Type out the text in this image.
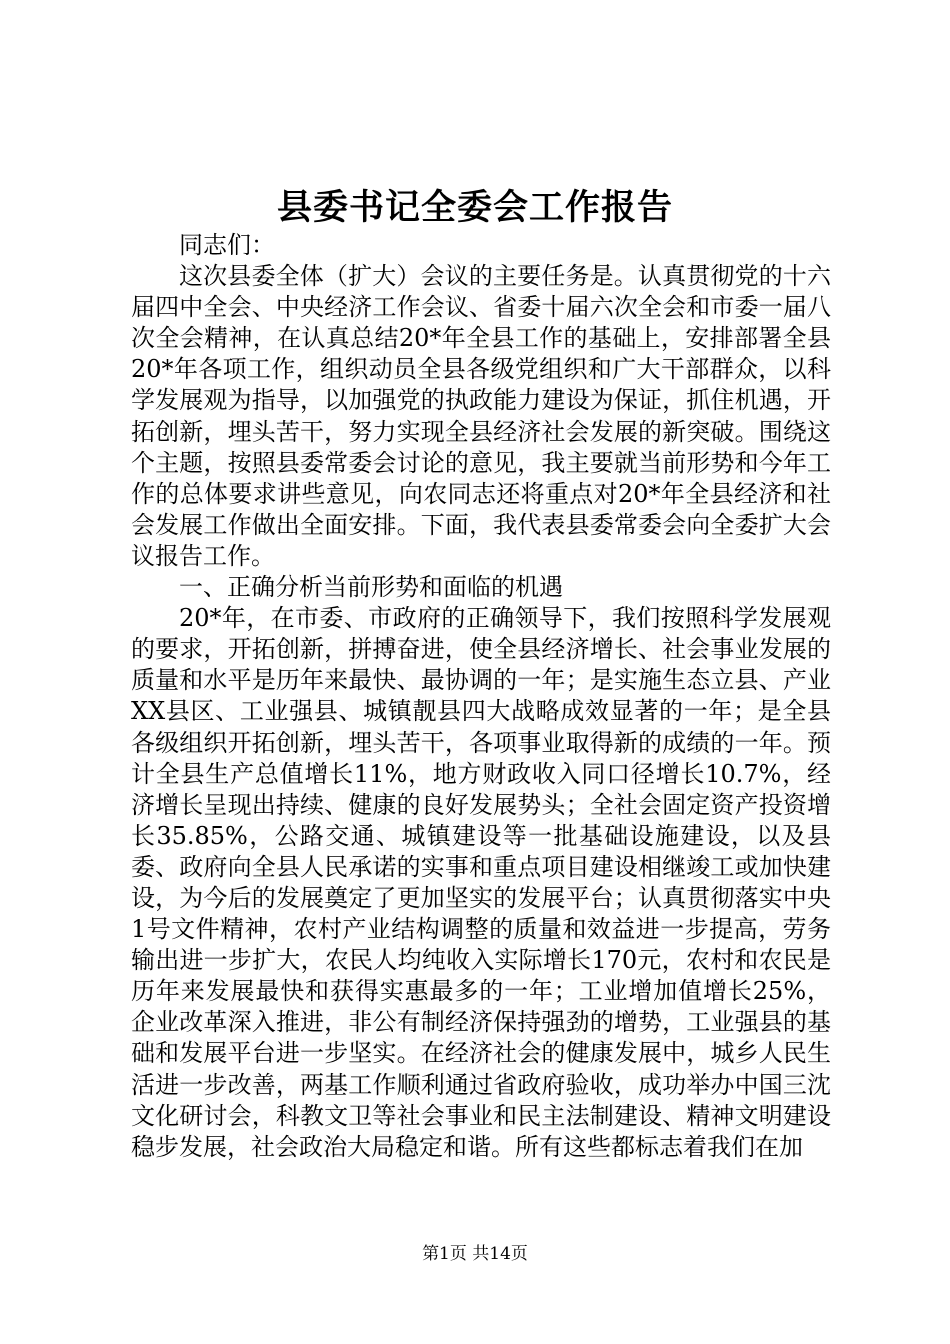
县委书记全委会工作报告

同志们：

这次县委全体（扩大）会议的主要任务是。认真贯彻党的十六届四中全会、中央经济工作会议、省委十届六次全会和市委一届八次全会精神，在认真总结20*年全县工作的基础上，安排部署全县20*年各项工作，组织动员全县各级党组织和广大干部群众，以科学发展观为指导，以加强党的执政能力建设为保证，抓住机遇，开拓创新，埋头苦干，努力实现全县经济社会发展的新突破。围绕这个主题，按照县委常委会讨论的意见，我主要就当前形势和今年工作的总体要求讲些意见，向农同志还将重点对20*年全县经济和社会发展工作做出全面安排。下面，我代表县委常委会向全委扩大会议报告工作。

一、正确分析当前形势和面临的机遇

20*年，在市委、市政府的正确领导下，我们按照科学发展观的要求，开拓创新，拼搏奋进，使全县经济增长、社会事业发展的质量和水平是历年来最快、最协调的一年；是实施生态立县、产业XX县区、工业强县、城镇靓县四大战略成效显著的一年；是全县各级组织开拓创新，埋头苦干，各项事业取得新的成绩的一年。预计全县生产总值增长11%，地方财政收入同口径增长10.7%，经济增长呈现出持续、健康的良好发展势头；全社会固定资产投资增长35.85%，公路交通、城镇建设等一批基础设施建设，以及县委、政府向全县人民承诺的实事和重点项目建设相继竣工或加快建设，为今后的发展奠定了更加坚实的发展平台；认真贯彻落实中央1号文件精神，农村产业结构调整的质量和效益进一步提高，劳务输出进一步扩大，农民人均纯收入实际增长170元，农村和农民是历年来发展最快和获得实惠最多的一年；工业增加值增长25%，企业改革深入推进，非公有制经济保持强劲的增势，工业强县的基础和发展平台进一步坚实。在经济社会的健康发展中，城乡人民生活进一步改善，两基工作顺利通过省政府验收，成功举办中国三沈文化研讨会，科教文卫等社会事业和民主法制建设、精神文明建设稳步发展，社会政治大局稳定和谐。所有这些都标志着我们在加

第1页 共14页
